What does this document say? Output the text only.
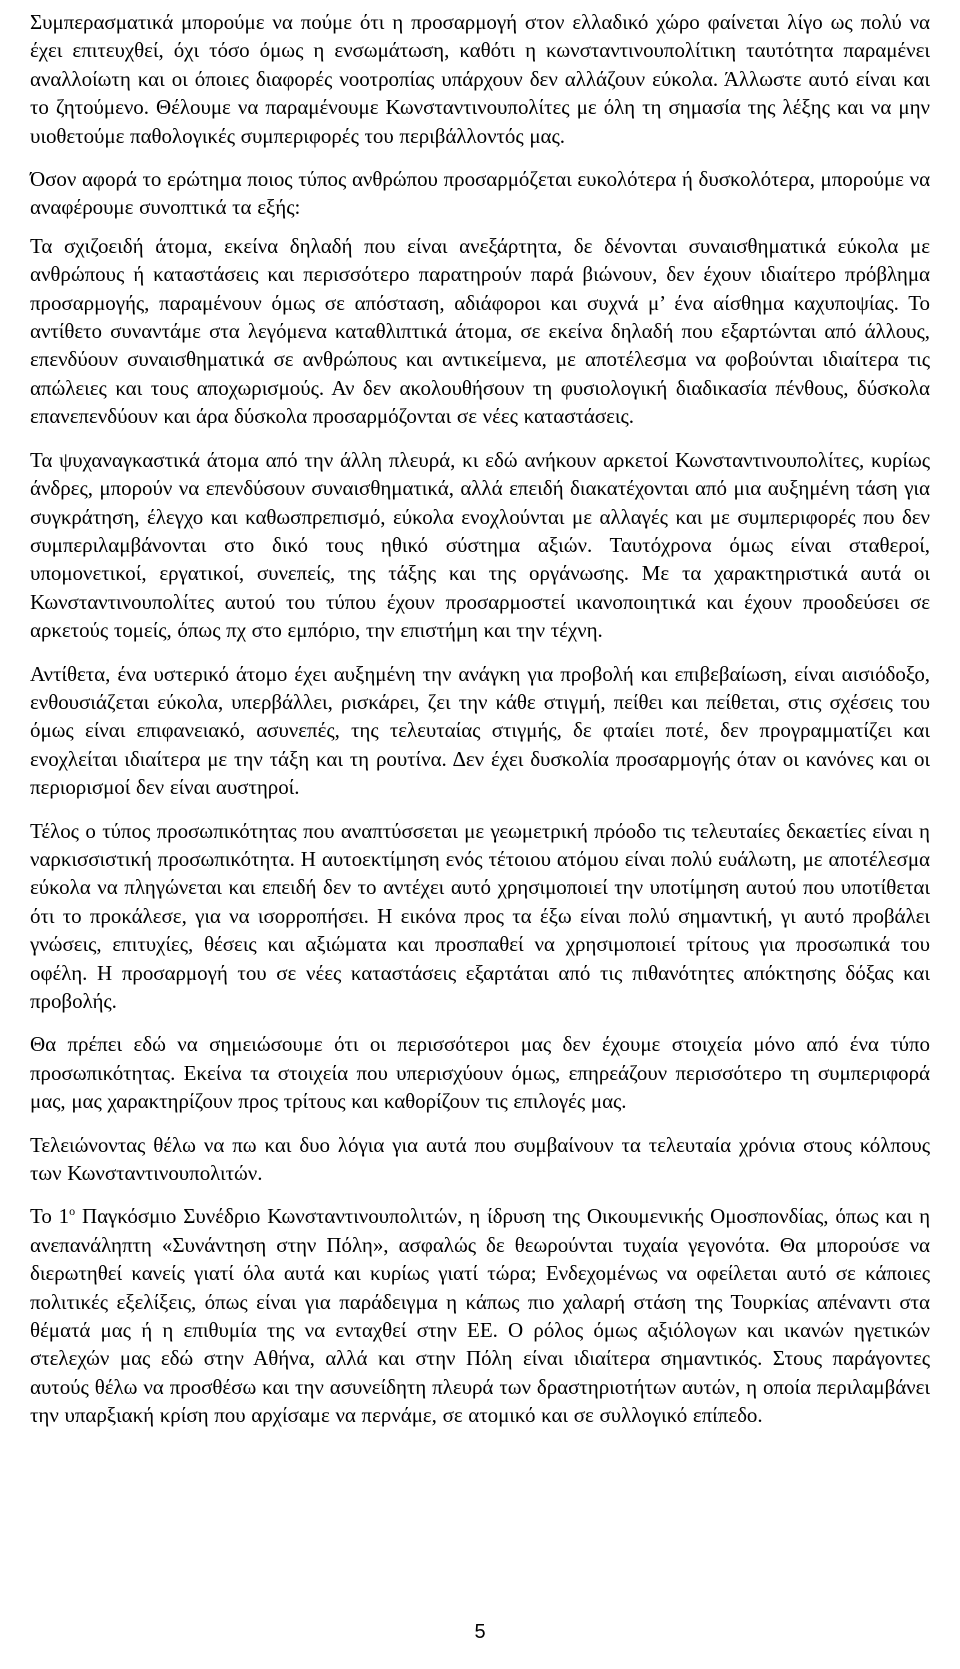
Συμπερασματικά μπορούμε να πούμε ότι η προσαρμογή στον ελλαδικό χώρο φαίνεται λίγο ως πολύ να έχει επιτευχθεί, όχι τόσο όμως η ενσωμάτωση, καθότι η κωνσταντινουπολίτικη ταυτότητα παραμένει αναλλοίωτη και οι όποιες διαφορές νοοτροπίας υπάρχουν δεν αλλάζουν εύκολα. Άλλωστε αυτό είναι και το ζητούμενο. Θέλουμε να παραμένουμε Κωνσταντινουπολίτες με όλη τη σημασία της λέξης και να μην υιοθετούμε παθολογικές συμπεριφορές του περιβάλλοντός μας.

Όσον αφορά το ερώτημα ποιος τύπος ανθρώπου προσαρμόζεται ευκολότερα ή δυσκολότερα, μπορούμε να αναφέρουμε συνοπτικά τα εξής:

Τα σχιζοειδή άτομα, εκείνα δηλαδή που είναι ανεξάρτητα, δε δένονται συναισθηματικά εύκολα με ανθρώπους ή καταστάσεις και περισσότερο παρατηρούν παρά βιώνουν, δεν έχουν ιδιαίτερο πρόβλημα προσαρμογής, παραμένουν όμως σε απόσταση, αδιάφοροι και συχνά μ’ ένα αίσθημα καχυποψίας. Το αντίθετο συναντάμε στα λεγόμενα καταθλιπτικά άτομα, σε εκείνα δηλαδή που εξαρτώνται από άλλους, επενδύουν συναισθηματικά σε ανθρώπους και αντικείμενα, με αποτέλεσμα να φοβούνται ιδιαίτερα τις απώλειες και τους αποχωρισμούς. Αν δεν ακολουθήσουν τη φυσιολογική διαδικασία πένθους, δύσκολα επανεπενδύουν και άρα δύσκολα προσαρμόζονται σε νέες καταστάσεις.

Τα ψυχαναγκαστικά άτομα από την άλλη πλευρά, κι εδώ ανήκουν αρκετοί Κωνσταντινουπολίτες, κυρίως άνδρες, μπορούν να επενδύσουν συναισθηματικά, αλλά επειδή διακατέχονται από μια αυξημένη τάση για συγκράτηση, έλεγχο και καθωσπρεπισμό, εύκολα ενοχλούνται με αλλαγές και με συμπεριφορές που δεν συμπεριλαμβάνονται στο δικό τους ηθικό σύστημα αξιών. Ταυτόχρονα όμως είναι σταθεροί, υπομονετικοί, εργατικοί, συνεπείς, της τάξης και της οργάνωσης. Με τα χαρακτηριστικά αυτά οι Κωνσταντινουπολίτες αυτού του τύπου έχουν προσαρμοστεί ικανοποιητικά και έχουν προοδεύσει σε αρκετούς τομείς, όπως πχ στο εμπόριο, την επιστήμη και την τέχνη.

Αντίθετα, ένα υστερικό άτομο έχει αυξημένη την ανάγκη για προβολή και επιβεβαίωση, είναι αισιόδοξο, ενθουσιάζεται εύκολα, υπερβάλλει, ρισκάρει, ζει την κάθε στιγμή, πείθει και πείθεται, στις σχέσεις του όμως είναι επιφανειακό, ασυνεπές, της τελευταίας στιγμής, δε φταίει ποτέ, δεν προγραμματίζει και ενοχλείται ιδιαίτερα με την τάξη και τη ρουτίνα. Δεν έχει δυσκολία προσαρμογής όταν οι κανόνες και οι περιορισμοί δεν είναι αυστηροί.

Τέλος ο τύπος προσωπικότητας που αναπτύσσεται με γεωμετρική πρόοδο τις τελευταίες δεκαετίες είναι η ναρκισσιστική προσωπικότητα. Η αυτοεκτίμηση ενός τέτοιου ατόμου είναι πολύ ευάλωτη, με αποτέλεσμα εύκολα να πληγώνεται και επειδή δεν το αντέχει αυτό χρησιμοποιεί την υποτίμηση αυτού που υποτίθεται ότι το προκάλεσε, για να ισορροπήσει. Η εικόνα προς τα έξω είναι πολύ σημαντική, γι αυτό προβάλει γνώσεις, επιτυχίες, θέσεις και αξιώματα και προσπαθεί να χρησιμοποιεί τρίτους για προσωπικά του οφέλη. Η προσαρμογή του σε νέες καταστάσεις εξαρτάται από τις πιθανότητες απόκτησης δόξας και προβολής.

Θα πρέπει εδώ να σημειώσουμε ότι οι περισσότεροι μας δεν έχουμε στοιχεία μόνο από ένα τύπο προσωπικότητας. Εκείνα τα στοιχεία που υπερισχύουν όμως, επηρεάζουν περισσότερο τη συμπεριφορά μας, μας χαρακτηρίζουν προς τρίτους και καθορίζουν τις επιλογές μας.

Τελειώνοντας θέλω να πω και δυο λόγια για αυτά που συμβαίνουν τα τελευταία χρόνια στους κόλπους των Κωνσταντινουπολιτών.

Το $1^o$ Παγκόσμιο Συνέδριο Κωνσταντινουπολιτών, η ίδρυση της Οικουμενικής Ομοσπονδίας, όπως και η ανεπανάληπτη «Συνάντηση στην Πόλη», ασφαλώς δε θεωρούνται τυχαία γεγονότα. Θα μπορούσε να διερωτηθεί κανείς γιατί όλα αυτά και κυρίως γιατί τώρα; Ενδεχομένως να οφείλεται αυτό σε κάποιες πολιτικές εξελίξεις, όπως είναι για παράδειγμα η κάπως πιο χαλαρή στάση της Τουρκίας απέναντι στα θέματά μας ή η επιθυμία της να ενταχθεί στην ΕΕ. Ο ρόλος όμως αξιόλογων και ικανών ηγετικών στελεχών μας εδώ στην Αθήνα, αλλά και στην Πόλη είναι ιδιαίτερα σημαντικός. Στους παράγοντες αυτούς θέλω να προσθέσω και την ασυνείδητη πλευρά των δραστηριοτήτων αυτών, η οποία περιλαμβάνει την υπαρξιακή κρίση που αρχίσαμε να περνάμε, σε ατομικό και σε συλλογικό επίπεδο.

5
